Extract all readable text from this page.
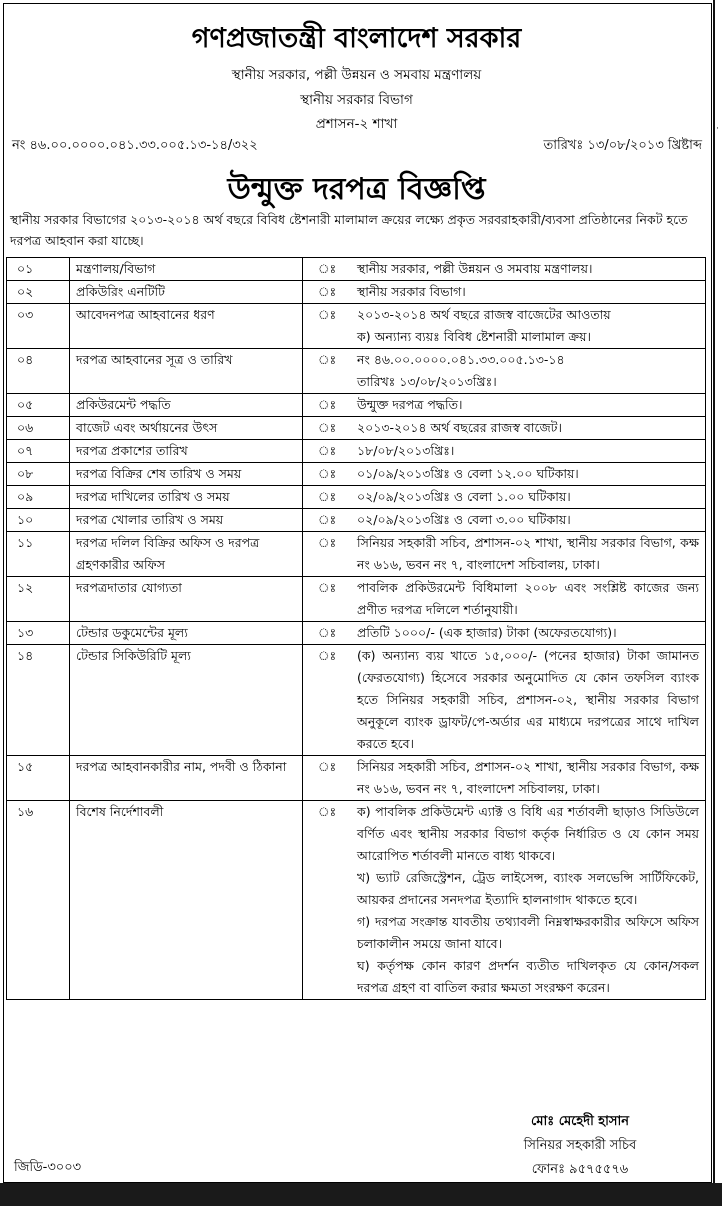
·
গণপ্রজাতন্ত্রী বাংলাদেশ সরকার
স্থানীয় সরকার, পল্লী উন্নয়ন ও সমবায় মন্ত্রণালয়
স্থানীয় সরকার বিভাগ
প্রশাসন-২ শাখা
নং ৪৬.০০.০০০০.০৪১.৩৩.০০৫.১৩-১৪/৩২২	তারিখঃ ১৩/০৮/২০১৩ খ্রিষ্টাব্দ
উন্মুক্ত দরপত্র বিজ্ঞপ্তি
স্থানীয় সরকার বিভাগের ২০১৩-২০১৪ অর্থ বছরে বিবিধ ষ্টেশনারী মালামাল ক্রয়ের লক্ষ্যে প্রকৃত সরবরাহকারী/ব্যবসা প্রতিষ্ঠানের নিকট হতে দরপত্র আহবান করা যাচ্ছে।
০১	মন্ত্রণালয়/বিভাগ	ঃ	স্থানীয় সরকার, পল্লী উন্নয়ন ও সমবায় মন্ত্রণালয়।

০২	প্রকিউরিং এনটিটি	ঃ	স্থানীয় সরকার বিভাগ।

০৩	আবেদনপত্র আহবানের ধরণ	ঃ	২০১৩-২০১৪ অর্থ বছরে রাজস্ব বাজেটের আওতায়
ক) অন্যান্য ব্যয়ঃ বিবিধ ষ্টেশনারী মালামাল ক্রয়।

০৪	দরপত্র আহবানের সূত্র ও তারিখ	ঃ	নং ৪৬.০০.০০০০.০৪১.৩৩.০০৫.১৩-১৪
তারিখঃ ১৩/০৮/২০১৩খ্রিঃ।

০৫	প্রকিউরমেন্ট পদ্ধতি	ঃ	উন্মুক্ত দরপত্র পদ্ধতি।

০৬	বাজেট এবং অর্থায়নের উৎস	ঃ	২০১৩-২০১৪ অর্থ বছরের রাজস্ব বাজেট।

০৭	দরপত্র প্রকাশের তারিখ	ঃ	১৮/০৮/২০১৩খ্রিঃ।

০৮	দরপত্র বিক্রির শেষ তারিখ ও সময়	ঃ	০১/০৯/২০১৩খ্রিঃ ও বেলা ১২.০০ ঘটিকায়।

০৯	দরপত্র দাখিলের তারিখ ও সময়	ঃ	০২/০৯/২০১৩খ্রিঃ ও বেলা ১.০০ ঘটিকায়।

১০	দরপত্র খোলার তারিখ ও সময়	ঃ	০২/০৯/২০১৩খ্রিঃ ও বেলা ৩.০০ ঘটিকায়।

১১	দরপত্র দলিল বিক্রির অফিস ও দরপত্র গ্রহণকারীর অফিস	ঃ	সিনিয়র সহকারী সচিব, প্রশাসন-০২ শাখা, স্থানীয় সরকার বিভাগ, কক্ষ নং ৬১৬, ভবন নং ৭, বাংলাদেশ সচিবালয়, ঢাকা।

১২	দরপত্রদাতার যোগ্যতা	ঃ	পাবলিক প্রকিউরমেন্ট বিধিমালা ২০০৮ এবং সংশ্লিষ্ট কাজের জন্য প্রণীত দরপত্র দলিলে শর্তানুযায়ী।

১৩	টেন্ডার ডকুমেন্টের মূল্য	ঃ	প্রতিটি ১০০০/- (এক হাজার) টাকা (অফেরতযোগ্য)।

১৪	টেন্ডার সিকিউরিটি মূল্য	ঃ	(ক) অন্যান্য ব্যয় খাতে ১৫,০০০/- (পনের হাজার) টাকা জামানত (ফেরতযোগ্য) হিসেবে সরকার অনুমোদিত যে কোন তফসিল ব্যাংক হতে সিনিয়র সহকারী সচিব, প্রশাসন-০২, স্থানীয় সরকার বিভাগ অনুকূলে ব্যাংক ড্রাফট/পে-অর্ডার এর মাধ্যমে দরপত্রের সাথে দাখিল করতে হবে।

১৫	দরপত্র আহবানকারীর নাম, পদবী ও ঠিকানা	ঃ	সিনিয়র সহকারী সচিব, প্রশাসন-০২ শাখা, স্থানীয় সরকার বিভাগ, কক্ষ নং ৬১৬, ভবন নং ৭, বাংলাদেশ সচিবালয়, ঢাকা।

১৬	বিশেষ নির্দেশাবলী	ঃ	ক) পাবলিক প্রকিউমেন্ট এ্যাক্ট ও বিধি এর শর্তাবলী ছাড়াও সিডিউলে বর্ণিত এবং স্থানীয় সরকার বিভাগ কর্তৃক নির্ধারিত ও যে কোন সময় আরোপিত শর্তাবলী মানতে বাধ্য থাকবে।
খ) ভ্যাট রেজিস্ট্রেশন, ট্রেড লাইসেন্স, ব্যাংক সলভেন্সি সার্টিফিকেট, আয়কর প্রদানের সনদপত্র ইত্যাদি হালনাগাদ থাকতে হবে।
গ) দরপত্র সংক্রান্ত যাবতীয় তথ্যাবলী নিম্নস্বাক্ষরকারীর অফিসে অফিস চলাকালীন সময়ে জানা যাবে।
ঘ) কর্তৃপক্ষ কোন কারণ প্রদর্শন ব্যতীত দাখিলকৃত যে কোন/সকল দরপত্র গ্রহণ বা বাতিল করার ক্ষমতা সংরক্ষণ করেন।
মোঃ মেহেদী হাসান
সিনিয়র সহকারী সচিব
ফোনঃ ৯৫৭৫৫৭৬
জিডি-৩০০৩
